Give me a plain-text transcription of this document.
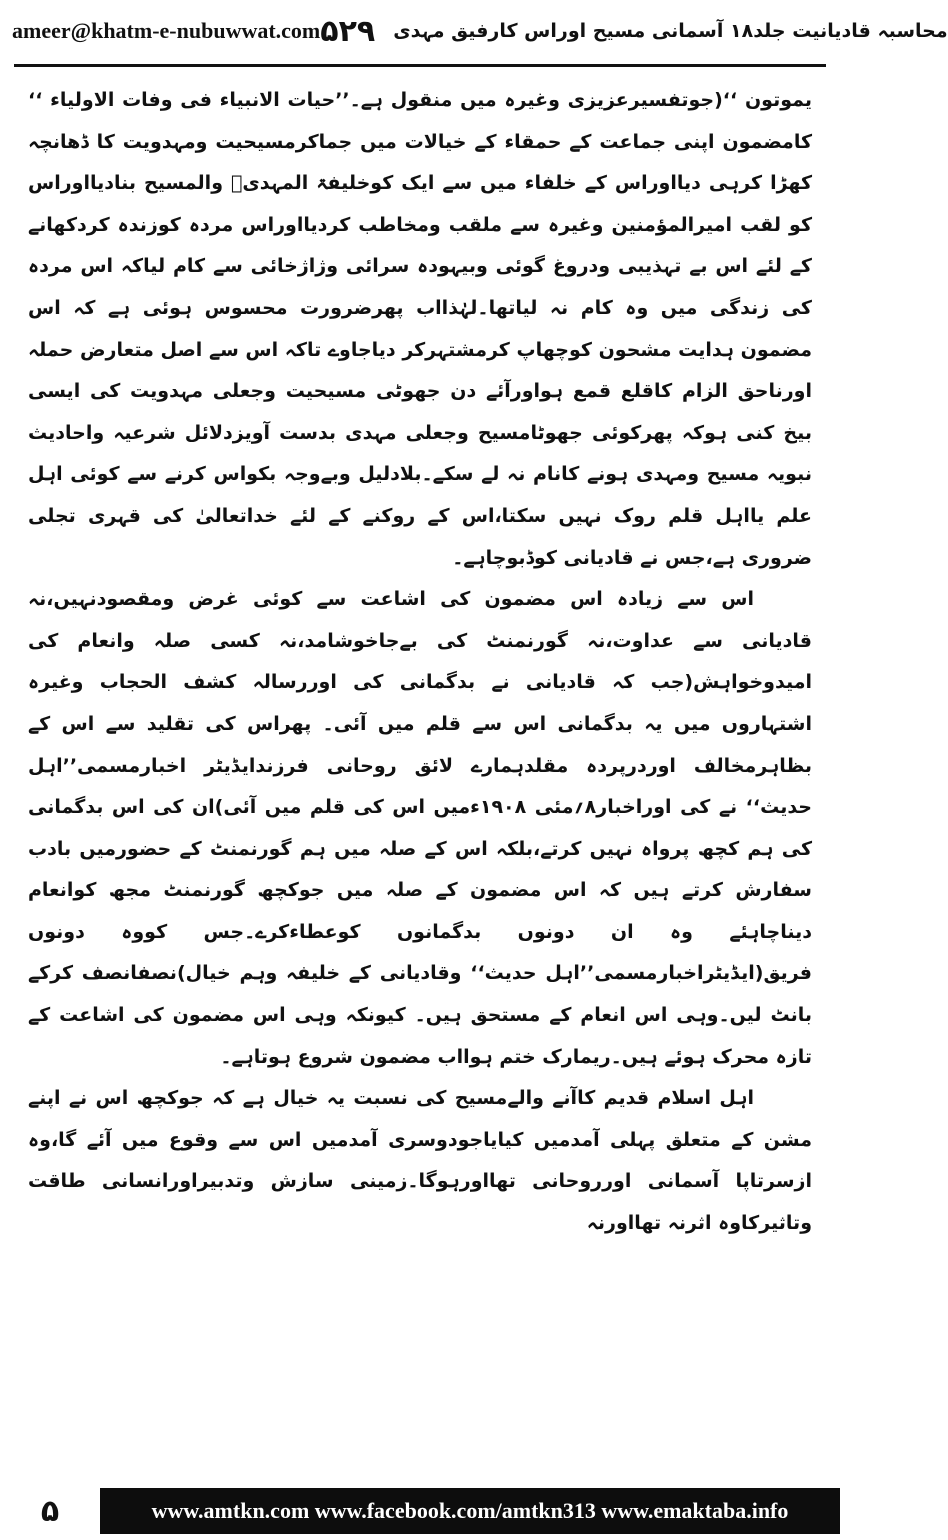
ameer@khatm-e-nubuwwat.com ۵۲۹ محاسبہ قادیانیت جلد۱۸ آسمانی مسیح اوراس کارفیق مہدی

یموتون ‘‘(جوتفسیرعزیزی وغیرہ میں منقول ہے۔’’حیات الانبیاء فی وفات الاولیاء ‘‘ کامضمون اپنی جماعت کے حمقاء کے خیالات میں جماکرمسیحیت ومہدویت کا ڈھانچہ کھڑا کرہی دیااوراس کے خلفاء میں سے ایک کوخلیفۃ المہدیؑ والمسیح بنادیااوراس کو لقب امیرالمؤمنین وغیرہ سے ملقب ومخاطب کردیااوراس مردہ کوزندہ کردکھانے کے لئے اس بے تہذیبی ودروغ گوئی وبیہودہ سرائی وژاژخائی سے کام لیاکہ اس مردہ کی زندگی میں وہ کام نہ لیاتھا۔لہٰذااب پھرضرورت محسوس ہوئی ہے کہ اس مضمون ہدایت مشحون کوچھاپ کرمشتہرکر دیاجاوے تاکہ اس سے اصل متعارض حملہ اورناحق الزام کاقلع قمع ہواورآئے دن جھوٹی مسیحیت وجعلی مہدویت کی ایسی بیخ کنی ہوکہ پھرکوئی جھوٹامسیح وجعلی مہدی بدست آویزدلائل شرعیہ واحادیث نبویہ مسیح ومہدی ہونے کانام نہ لے سکے۔بلادلیل وبےوجہ بکواس کرنے سے کوئی اہل علم یااہل قلم روک نہیں سکتا،اس کے روکنے کے لئے خداتعالیٰ کی قہری تجلی ضروری ہے،جس نے قادیانی کوڈبوچاہے۔

اس سے زیادہ اس مضمون کی اشاعت سے کوئی غرض ومقصودنہیں،نہ قادیانی سے عداوت،نہ گورنمنٹ کی بےجاخوشامد،نہ کسی صلہ وانعام کی امیدوخواہش(جب کہ قادیانی نے بدگمانی کی اوررسالہ کشف الحجاب وغیرہ اشتہاروں میں یہ بدگمانی اس سے قلم میں آئی۔ پھراس کی تقلید سے اس کے بظاہرمخالف اوردرپردہ مقلدہمارے لائق روحانی فرزندایڈیٹر اخبارمسمی’’اہل حدیث‘‘ نے کی اوراخبار۸؍مئی ۱۹۰۸ءمیں اس کی قلم میں آئی)ان کی اس بدگمانی کی ہم کچھ پرواہ نہیں کرتے،بلکہ اس کے صلہ میں ہم گورنمنٹ کے حضورمیں بادب سفارش کرتے ہیں کہ اس مضمون کے صلہ میں جوکچھ گورنمنٹ مجھ کوانعام دیناچاہئے وہ ان دونوں بدگمانوں کوعطاءکرے۔جس کووہ دونوں فریق(ایڈیٹراخبارمسمی’’اہل حدیث‘‘ وقادیانی کے خلیفہ وہم خیال)نصفانصف کرکے بانٹ لیں۔وہی اس انعام کے مستحق ہیں۔ کیونکہ وہی اس مضمون کی اشاعت کے تازہ محرک ہوئے ہیں۔ریمارک ختم ہوااب مضمون شروع ہوتاہے۔

اہل اسلام قدیم کاآنے والےمسیح کی نسبت یہ خیال ہے کہ جوکچھ اس نے اپنے مشن کے متعلق پہلی آمدمیں کیایاجودوسری آمدمیں اس سے وقوع میں آئے گا،وہ ازسرتاپا آسمانی اورروحانی تھااورہوگا۔زمینی سازش وتدبیراورانسانی طاقت وتاثیرکاوہ اثرنہ تھااورنہ

۵	www.amtkn.com www.facebook.com/amtkn313 www.emaktaba.info
